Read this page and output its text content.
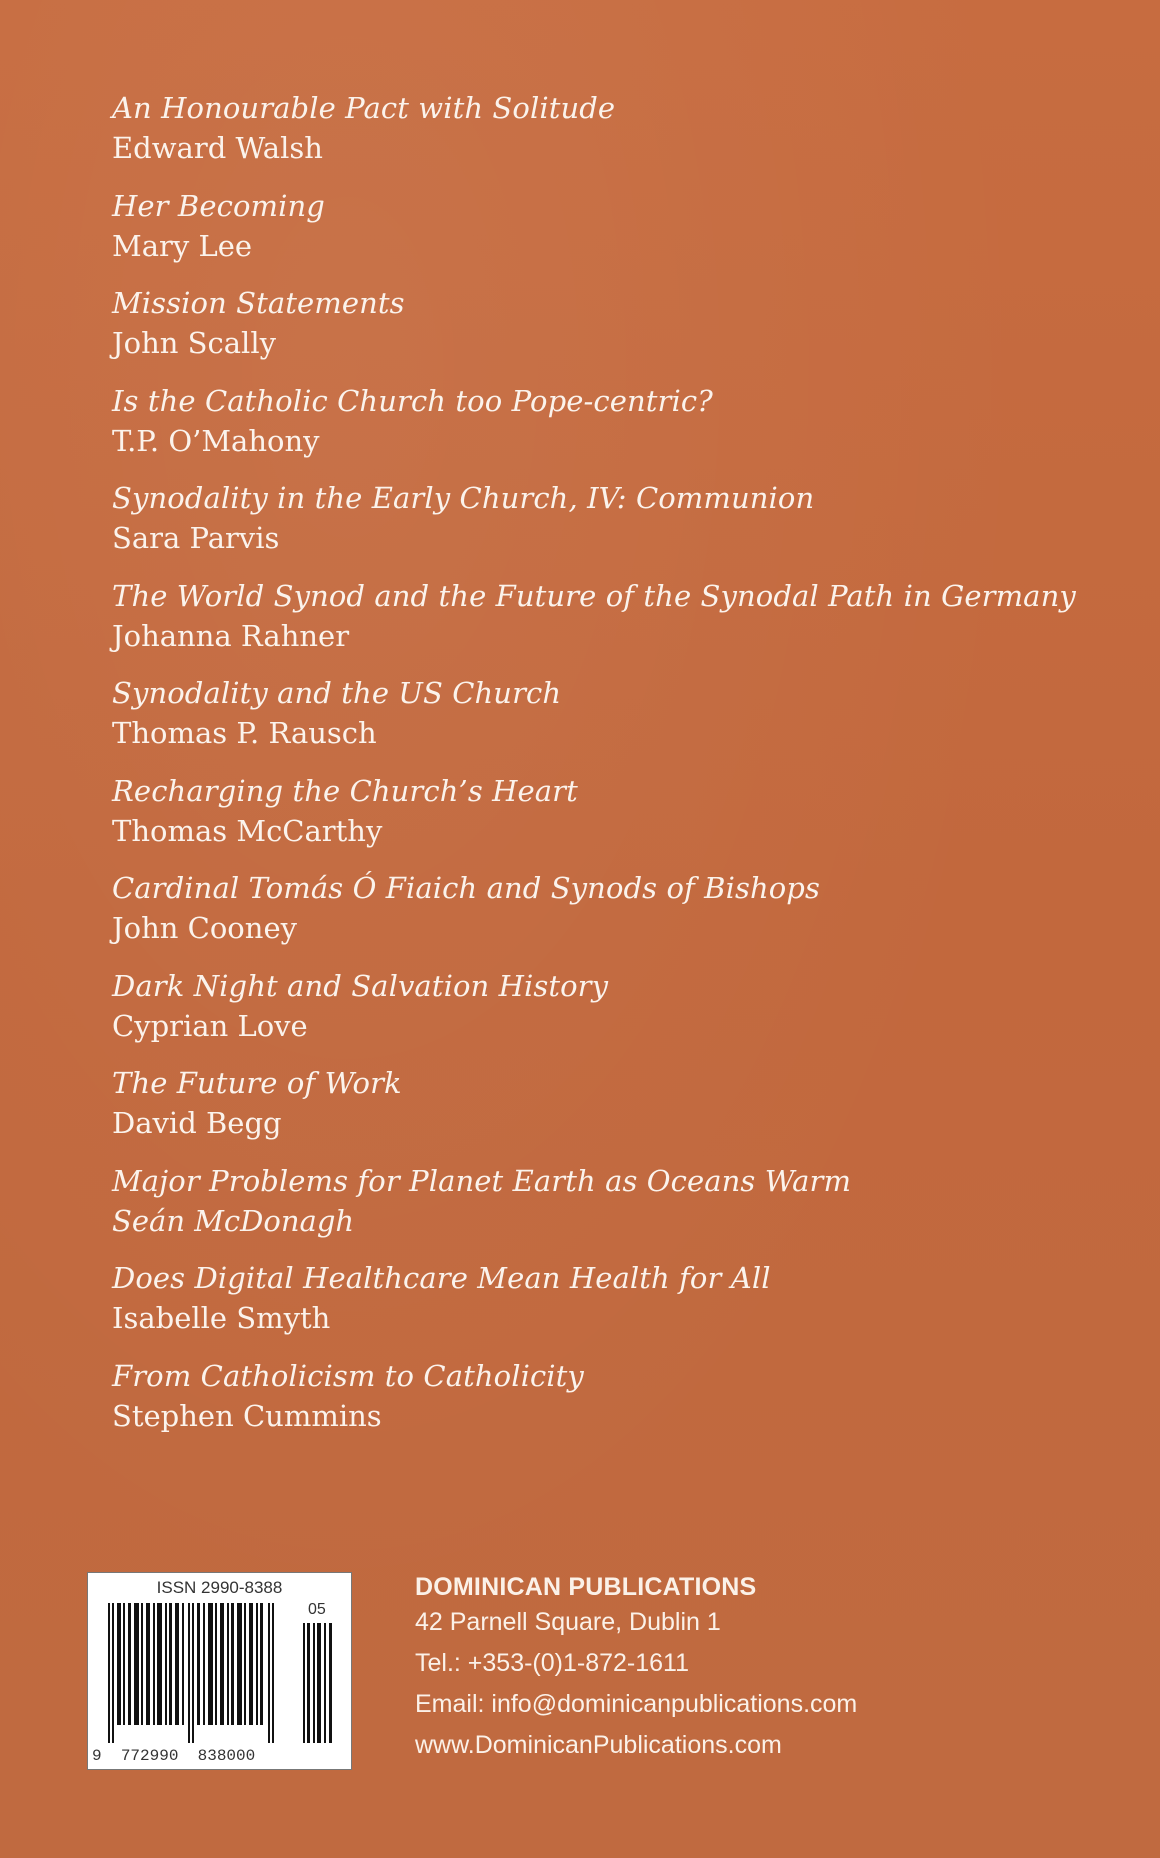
An Honourable Pact with Solitude
Edward Walsh
Her Becoming
Mary Lee
Mission Statements
John Scally
Is the Catholic Church too Pope-centric?
T.P. O’Mahony
Synodality in the Early Church, IV: Communion
Sara Parvis
The World Synod and the Future of the Synodal Path in Germany
Johanna Rahner
Synodality and the US Church
Thomas P. Rausch
Recharging the Church’s Heart
Thomas McCarthy
Cardinal Tomás Ó Fiaich and Synods of Bishops
John Cooney
Dark Night and Salvation History
Cyprian Love
The Future of Work
David Begg
Major Problems for Planet Earth as Oceans Warm
Seán McDonagh
Does Digital Healthcare Mean Health for All
Isabelle Smyth
From Catholicism to Catholicity
Stephen Cummins
ISSN 2990-8388
05
9 772990 838000
DOMINICAN PUBLICATIONS
42 Parnell Square, Dublin 1
Tel.: +353-(0)1-872-1611
Email: info@dominicanpublications.com
www.DominicanPublications.com
